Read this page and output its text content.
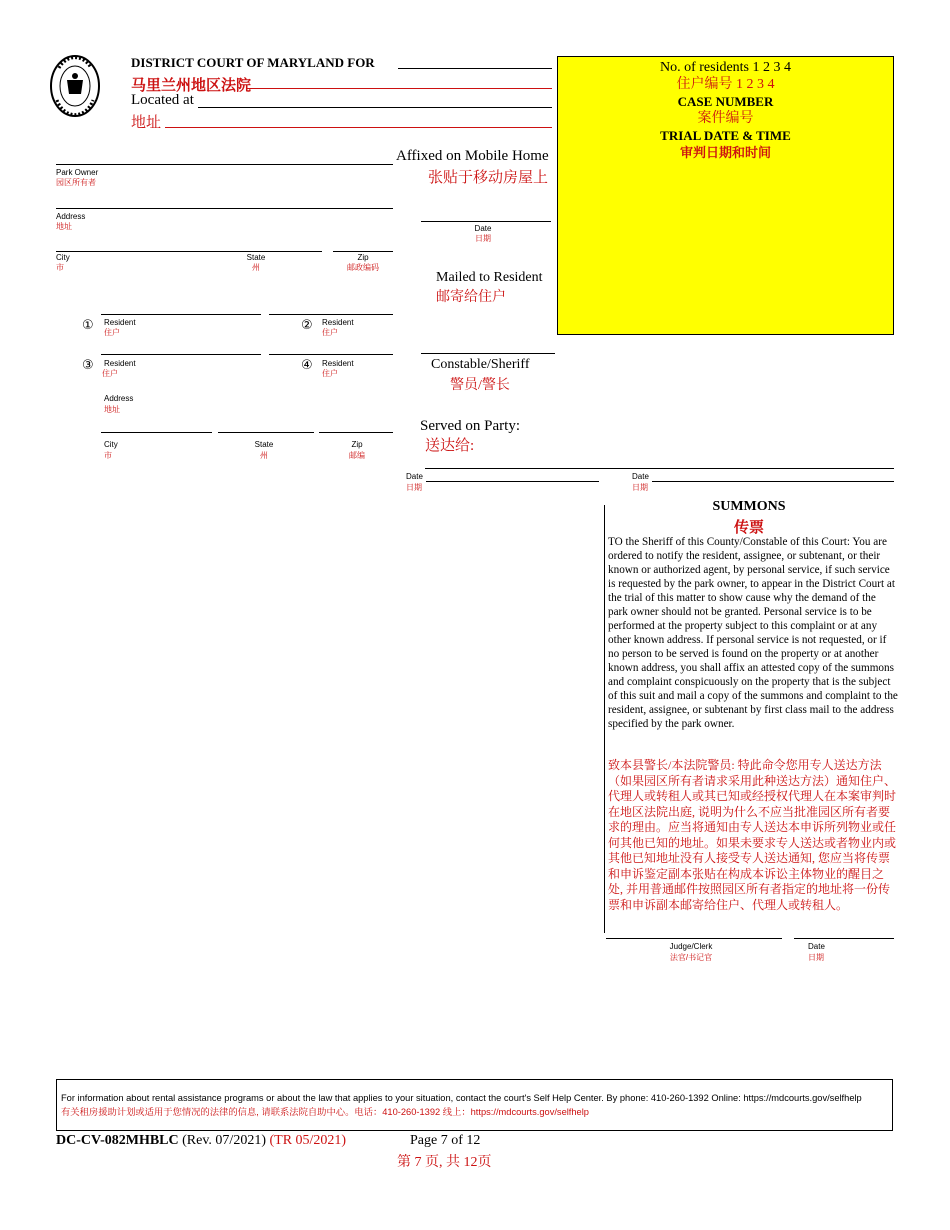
DISTRICT COURT OF MARYLAND FOR
马里兰州地区法院
Located at
地址
No. of residents 1 2 3 4
住户编号 1 2 3 4
CASE NUMBER
案件编号
TRIAL DATE & TIME
审判日期和时间
Park Owner
园区所有者
Address
地址
City
市
State
州
Zip
邮政编码
① Resident
住户	② Resident
住户
③ Resident
住户
④ Resident
住户
Address
地址
City
市
State
州
Zip
邮编
Affixed on Mobile Home
张贴于移动房屋上
Date
日期
Mailed to Resident
邮寄给住户
Constable/Sheriff
警员/警长
Served on Party:
送达给:
Date
日期
Date
日期
SUMMONS
传票
TO the Sheriff of this County/Constable of this Court: You are ordered to notify the resident, assignee, or subtenant, or their known or authorized agent, by personal service, if such service is requested by the park owner, to appear in the District Court at the trial of this matter to show cause why the demand of the park owner should not be granted. Personal service is to be performed at the property subject to this complaint or at any other known address. If personal service is not requested, or if no person to be served is found on the property or at another known address, you shall affix an attested copy of the summons and complaint conspicuously on the property that is the subject of this suit and mail a copy of the summons and complaint to the resident, assignee, or subtenant by first class mail to the address specified by the park owner.
致本县警长/本法院警员: 特此命令您用专人送达方法（如果园区所有者请求采用此种送达方法）通知住户、代理人或转租人或其已知或经授权代理人在本案审判时在地区法院出庭, 说明为什么不应当批准园区所有者要求的理由。应当将通知由专人送达本申诉所列物业或任何其他已知的地址。如果未要求专人送达或者物业内或其他已知地址没有人接受专人送达通知, 您应当将传票和申诉鉴定副本张贴在构成本诉讼主体物业的醒目之处, 并用普通邮件按照园区所有者指定的地址将一份传票和申诉副本邮寄给住户、代理人或转租人。
Judge/Clerk
法官/书记官
Date
日期
For information about rental assistance programs or about the law that applies to your situation, contact the court's Self Help Center. By phone: 410-260-1392 Online: https://mdcourts.gov/selfhelp
有关租房援助计划或适用于您情况的法律的信息, 请联系法院自助中心。电话：410-260-1392 线上：https://mdcourts.gov/selfhelp
DC-CV-082MHBLC (Rev. 07/2021) (TR 05/2021)	Page 7 of 12
第 7 页, 共 12页
